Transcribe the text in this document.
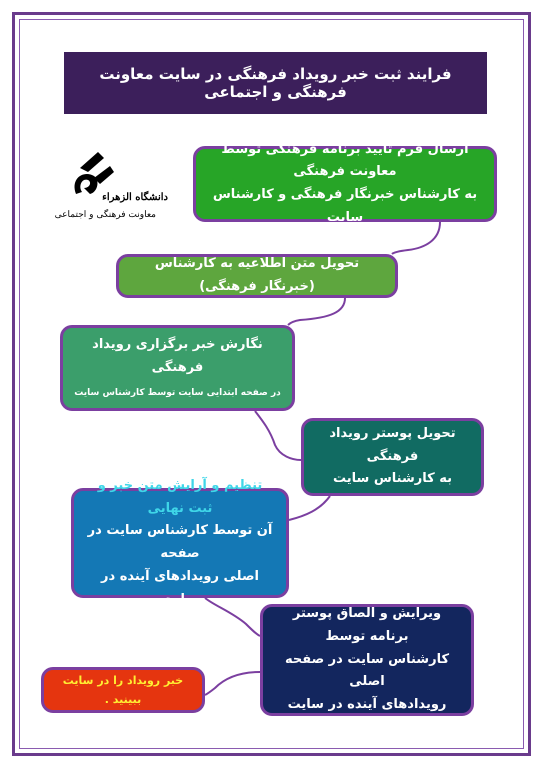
فرایند ثبت خبر رویداد فرهنگی در سایت معاونت فرهنگی و اجتماعی
دانشگاه الزهراء
معاونت فرهنگی و اجتماعی
ارسال فرم تایید برنامه فرهنگی توسط معاونت فرهنگی
به کارشناس خبرنگار فرهنگی و کارشناس سایت
تحویل متن اطلاعیه به کارشناس (خبرنگار فرهنگی)
نگارش خبر برگزاری رویداد فرهنگی
در صفحه ابتدایی سایت توسط کارشناس سایت
تحویل پوستر رویداد فرهنگی
به کارشناس سایت
تنظیم و آرایش متن خبر و ثبت نهایی
آن توسط کارشناس سایت در صفحه
اصلی رویدادهای آینده در سایت
ویرایش و الصاق پوستر برنامه توسط
کارشناس سایت در صفحه اصلی
رویدادهای آینده در سایت
خبر رویداد را در سایت ببینید .
